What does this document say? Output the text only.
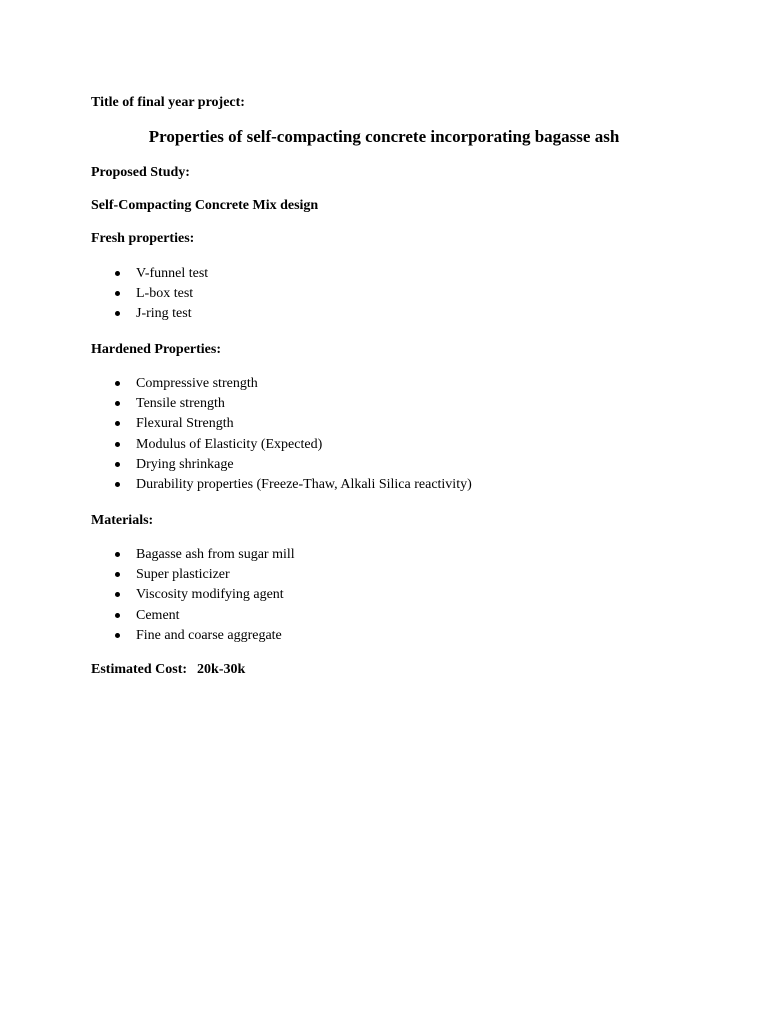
Title of final year project:
Properties of self-compacting concrete incorporating bagasse ash
Proposed Study:
Self-Compacting Concrete Mix design
Fresh properties:
V-funnel test
L-box test
J-ring test
Hardened Properties:
Compressive strength
Tensile strength
Flexural Strength
Modulus of Elasticity (Expected)
Drying shrinkage
Durability properties (Freeze-Thaw, Alkali Silica reactivity)
Materials:
Bagasse ash from sugar mill
Super plasticizer
Viscosity modifying agent
Cement
Fine and coarse aggregate
Estimated Cost: 20k-30k
